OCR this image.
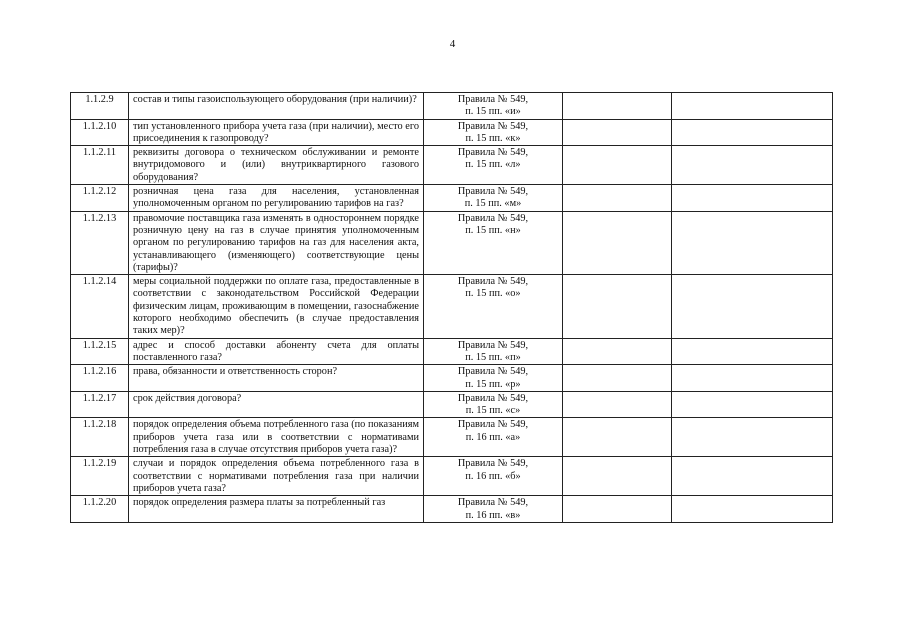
4
1.1.2.9	состав и типы газоиспользующего оборудования (при наличии)?	Правила № 549,
п. 15 пп. «и»		

1.1.2.10	тип установленного прибора учета газа (при наличии), место его присоединения к газопроводу?	Правила № 549,
п. 15 пп. «к»		

1.1.2.11	реквизиты договора о техническом обслуживании и ремонте внутридомового и (или) внутриквартирного газового оборудования?	Правила № 549,
п. 15 пп. «л»		

1.1.2.12	розничная цена газа для населения, установленная уполномоченным органом по регулированию тарифов на газ?	Правила № 549,
п. 15 пп. «м»		

1.1.2.13	правомочие поставщика газа изменять в одностороннем порядке розничную цену на газ в случае принятия уполномоченным органом по регулированию тарифов на газ для населения акта, устанавливающего (изменяющего) соответствующие цены (тарифы)?	Правила № 549,
п. 15 пп. «н»		

1.1.2.14	меры социальной поддержки по оплате газа, предоставленные в соответствии с законодательством Российской Федерации физическим лицам, проживающим в помещении, газоснабжение которого необходимо обеспечить (в случае предоставления таких мер)?	Правила № 549,
п. 15 пп. «о»		

1.1.2.15	адрес и способ доставки абоненту счета для оплаты поставленного газа?	Правила № 549,
п. 15 пп. «п»		

1.1.2.16	права, обязанности и ответственность сторон?	Правила № 549,
п. 15 пп. «р»		

1.1.2.17	срок действия договора?	Правила № 549,
п. 15 пп. «с»		

1.1.2.18	порядок определения объема потребленного газа (по показаниям приборов учета газа или в соответствии с нормативами потребления газа в случае отсутствия приборов учета газа)?	Правила № 549,
п. 16 пп. «а»		

1.1.2.19	случаи и порядок определения объема потребленного газа в соответствии с нормативами потребления газа при наличии приборов учета газа?	Правила № 549,
п. 16 пп. «б»		

1.1.2.20	порядок определения размера платы за потребленный газ	Правила № 549,
п. 16 пп. «в»		
